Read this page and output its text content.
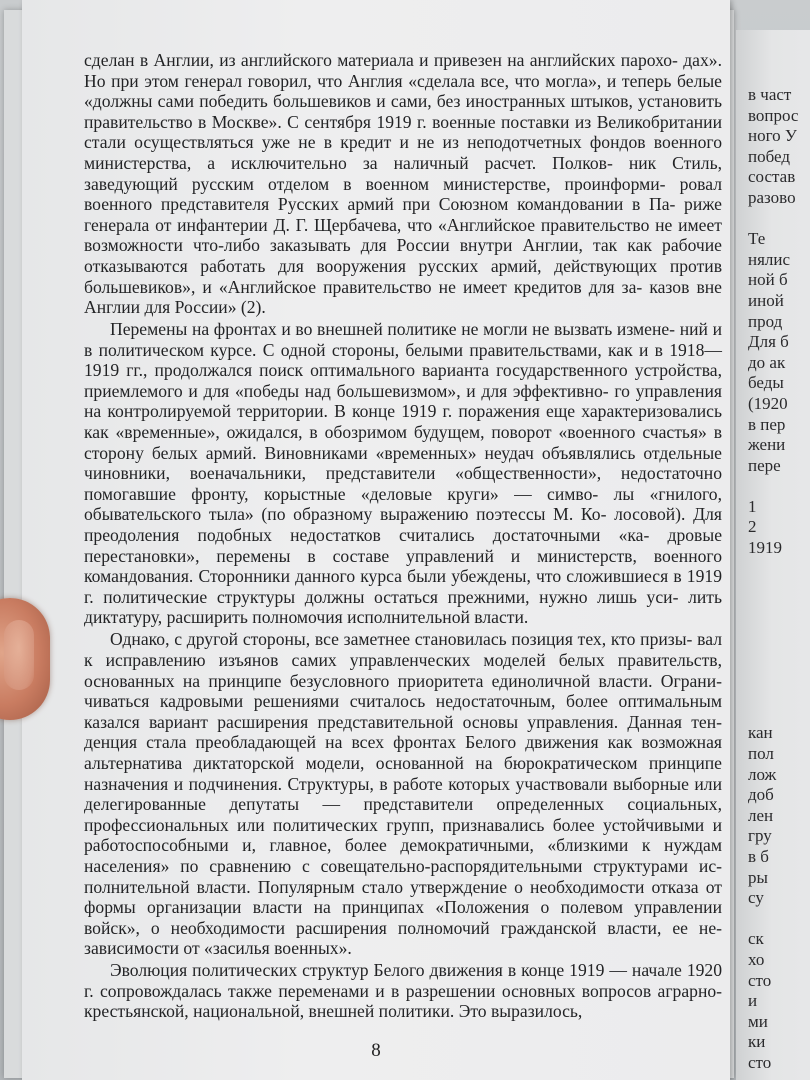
сделан в Англии, из английского материала и привезен на английских парохо- дах». Но при этом генерал говорил, что Англия «сделала все, что могла», и теперь белые «должны сами победить большевиков и сами, без иностранных штыков, установить правительство в Москве». С сентября 1919 г. военные поставки из Великобритании стали осуществляться уже не в кредит и не из неподотчетных фондов военного министерства, а исключительно за наличный расчет. Полков- ник Стиль, заведующий русским отделом в военном министерстве, проинформи- ровал военного представителя Русских армий при Союзном командовании в Па- риже генерала от инфантерии Д. Г. Щербачева, что «Английское правительство не имеет возможности что-либо заказывать для России внутри Англии, так как рабочие отказываются работать для вооружения русских армий, действующих против большевиков», и «Английское правительство не имеет кредитов для за- казов вне Англии для России» (2).

Перемены на фронтах и во внешней политике не могли не вызвать измене- ний и в политическом курсе. С одной стороны, белыми правительствами, как и в 1918—1919 гг., продолжался поиск оптимального варианта государственного устройства, приемлемого и для «победы над большевизмом», и для эффективно- го управления на контролируемой территории. В конце 1919 г. поражения еще характеризовались как «временные», ожидался, в обозримом будущем, поворот «военного счастья» в сторону белых армий. Виновниками «временных» неудач объявлялись отдельные чиновники, военачальники, представители «общественности», недостаточно помогавшие фронту, корыстные «деловые круги» — симво- лы «гнилого, обывательского тыла» (по образному выражению поэтессы М. Ко- лосовой). Для преодоления подобных недостатков считались достаточными «ка- дровые перестановки», перемены в составе управлений и министерств, военного командования. Сторонники данного курса были убеждены, что сложившиеся в 1919 г. политические структуры должны остаться прежними, нужно лишь уси- лить диктатуру, расширить полномочия исполнительной власти.

Однако, с другой стороны, все заметнее становилась позиция тех, кто призы- вал к исправлению изъянов самих управленческих моделей белых правительств, основанных на принципе безусловного приоритета единоличной власти. Ограни- чиваться кадровыми решениями считалось недостаточным, более оптимальным казался вариант расширения представительной основы управления. Данная тен- денция стала преобладающей на всех фронтах Белого движения как возможная альтернатива диктаторской модели, основанной на бюрократическом принципе назначения и подчинения. Структуры, в работе которых участвовали выборные или делегированные депутаты — представители определенных социальных, профессиональных или политических групп, признавались более устойчивыми и работоспособными и, главное, более демократичными, «близкими к нуждам населения» по сравнению с совещательно-распорядительными структурами ис- полнительной власти. Популярным стало утверждение о необходимости отказа от формы организации власти на принципах «Положения о полевом управлении войск», о необходимости расширения полномочий гражданской власти, ее не- зависимости от «засилья военных».

Эволюция политических структур Белого движения в конце 1919 — начале 1920 г. сопровождалась также переменами и в разрешении основных вопросов аграрно-крестьянской, национальной, внешней политики. Это выразилось,

8
в част
вопрос
ного У
побед
состав
разово
Те
нялис
ной б
иной
прод
Для б
до ак
беды
(1920
в пер
жени
пере
1
2
1919
кан
пол
лож
доб
лен
гру
в б
ры
су
ск
хо
сто
и
ми
ки
сто
